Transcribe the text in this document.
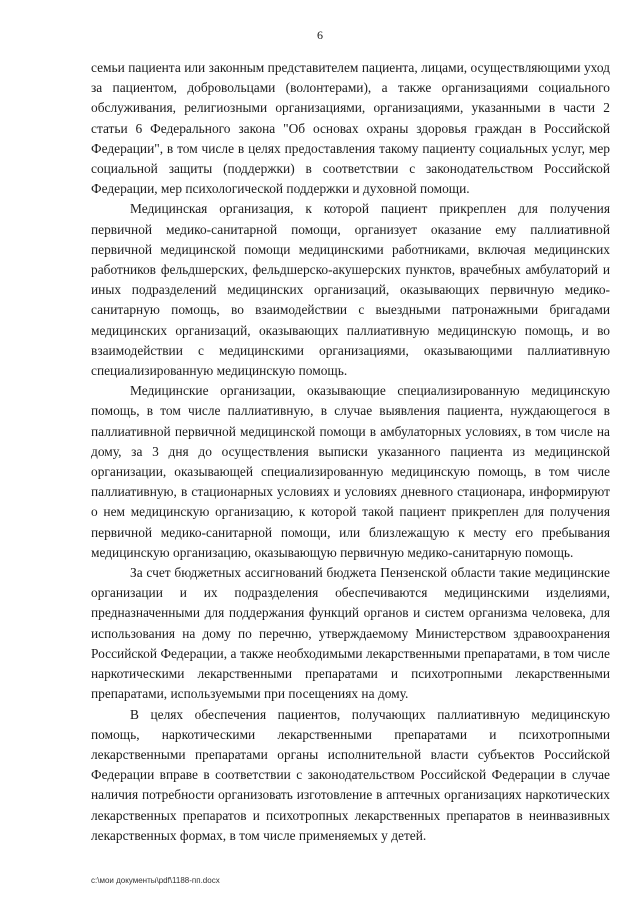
6

семьи пациента или законным представителем пациента, лицами, осуществляющими уход за пациентом, добровольцами (волонтерами), а также организациями социального обслуживания, религиозными организациями, организациями, указанными в части 2 статьи 6 Федерального закона "Об основах охраны здоровья граждан в Российской Федерации", в том числе в целях предоставления такому пациенту социальных услуг, мер социальной защиты (поддержки) в соответствии с законодательством Российской Федерации, мер психологической поддержки и духовной помощи.

Медицинская организация, к которой пациент прикреплен для получения первичной медико-санитарной помощи, организует оказание ему паллиативной первичной медицинской помощи медицинскими работниками, включая медицинских работников фельдшерских, фельдшерско-акушерских пунктов, врачебных амбулаторий и иных подразделений медицинских организаций, оказывающих первичную медико-санитарную помощь, во взаимодействии с выездными патронажными бригадами медицинских организаций, оказывающих паллиативную медицинскую помощь, и во взаимодействии с медицинскими организациями, оказывающими паллиативную специализированную медицинскую помощь.

Медицинские организации, оказывающие специализированную медицинскую помощь, в том числе паллиативную, в случае выявления пациента, нуждающегося в паллиативной первичной медицинской помощи в амбулаторных условиях, в том числе на дому, за 3 дня до осуществления выписки указанного пациента из медицинской организации, оказывающей специализированную медицинскую помощь, в том числе паллиативную, в стационарных условиях и условиях дневного стационара, информируют о нем медицинскую организацию, к которой такой пациент прикреплен для получения первичной медико-санитарной помощи, или близлежащую к месту его пребывания медицинскую организацию, оказывающую первичную медико-санитарную помощь.

За счет бюджетных ассигнований бюджета Пензенской области такие медицинские организации и их подразделения обеспечиваются медицинскими изделиями, предназначенными для поддержания функций органов и систем организма человека, для использования на дому по перечню, утверждаемому Министерством здравоохранения Российской Федерации, а также необходимыми лекарственными препаратами, в том числе наркотическими лекарственными препаратами и психотропными лекарственными препаратами, используемыми при посещениях на дому.

В целях обеспечения пациентов, получающих паллиативную медицинскую помощь, наркотическими лекарственными препаратами и психотропными лекарственными препаратами органы исполнительной власти субъектов Российской Федерации вправе в соответствии с законодательством Российской Федерации в случае наличия потребности организовать изготовление в аптечных организациях наркотических лекарственных препаратов и психотропных лекарственных препаратов в неинвазивных лекарственных формах, в том числе применяемых у детей.

c:\мои документы\pdf\1188-пп.docx
